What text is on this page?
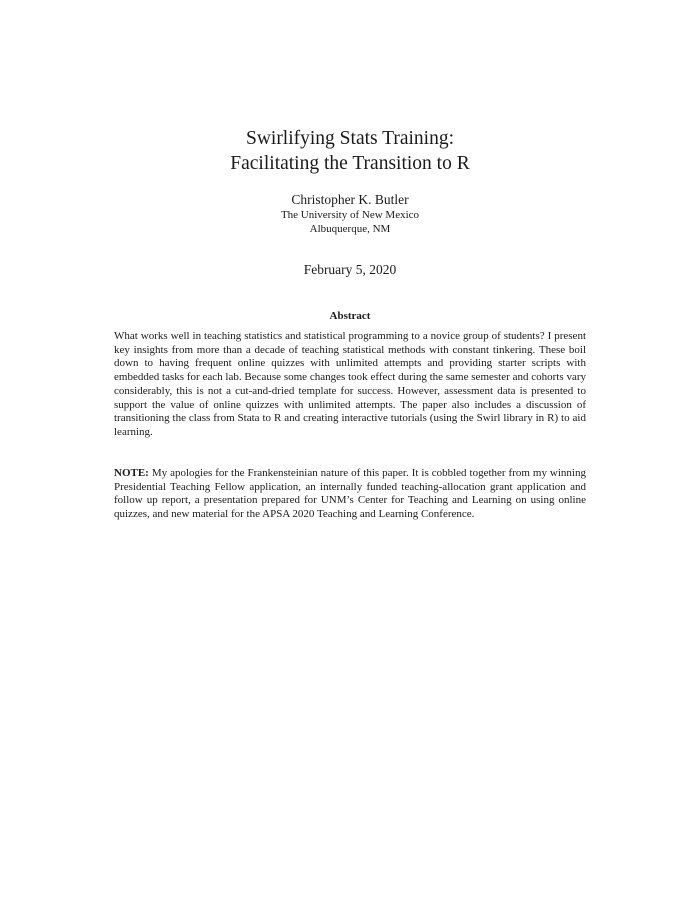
Swirlifying Stats Training:
Facilitating the Transition to R
Christopher K. Butler
The University of New Mexico
Albuquerque, NM
February 5, 2020
Abstract
What works well in teaching statistics and statistical programming to a novice group of students? I present key insights from more than a decade of teaching statistical methods with constant tinkering. These boil down to having frequent online quizzes with unlimited attempts and providing starter scripts with embedded tasks for each lab. Because some changes took effect during the same semester and cohorts vary considerably, this is not a cut-and-dried template for success. However, assessment data is presented to support the value of online quizzes with unlimited attempts. The paper also includes a discussion of transitioning the class from Stata to R and creating interactive tutorials (using the Swirl library in R) to aid learning.
NOTE: My apologies for the Frankensteinian nature of this paper. It is cobbled together from my winning Presidential Teaching Fellow application, an internally funded teaching-allocation grant application and follow up report, a presentation prepared for UNM’s Center for Teaching and Learning on using online quizzes, and new material for the APSA 2020 Teaching and Learning Conference.
